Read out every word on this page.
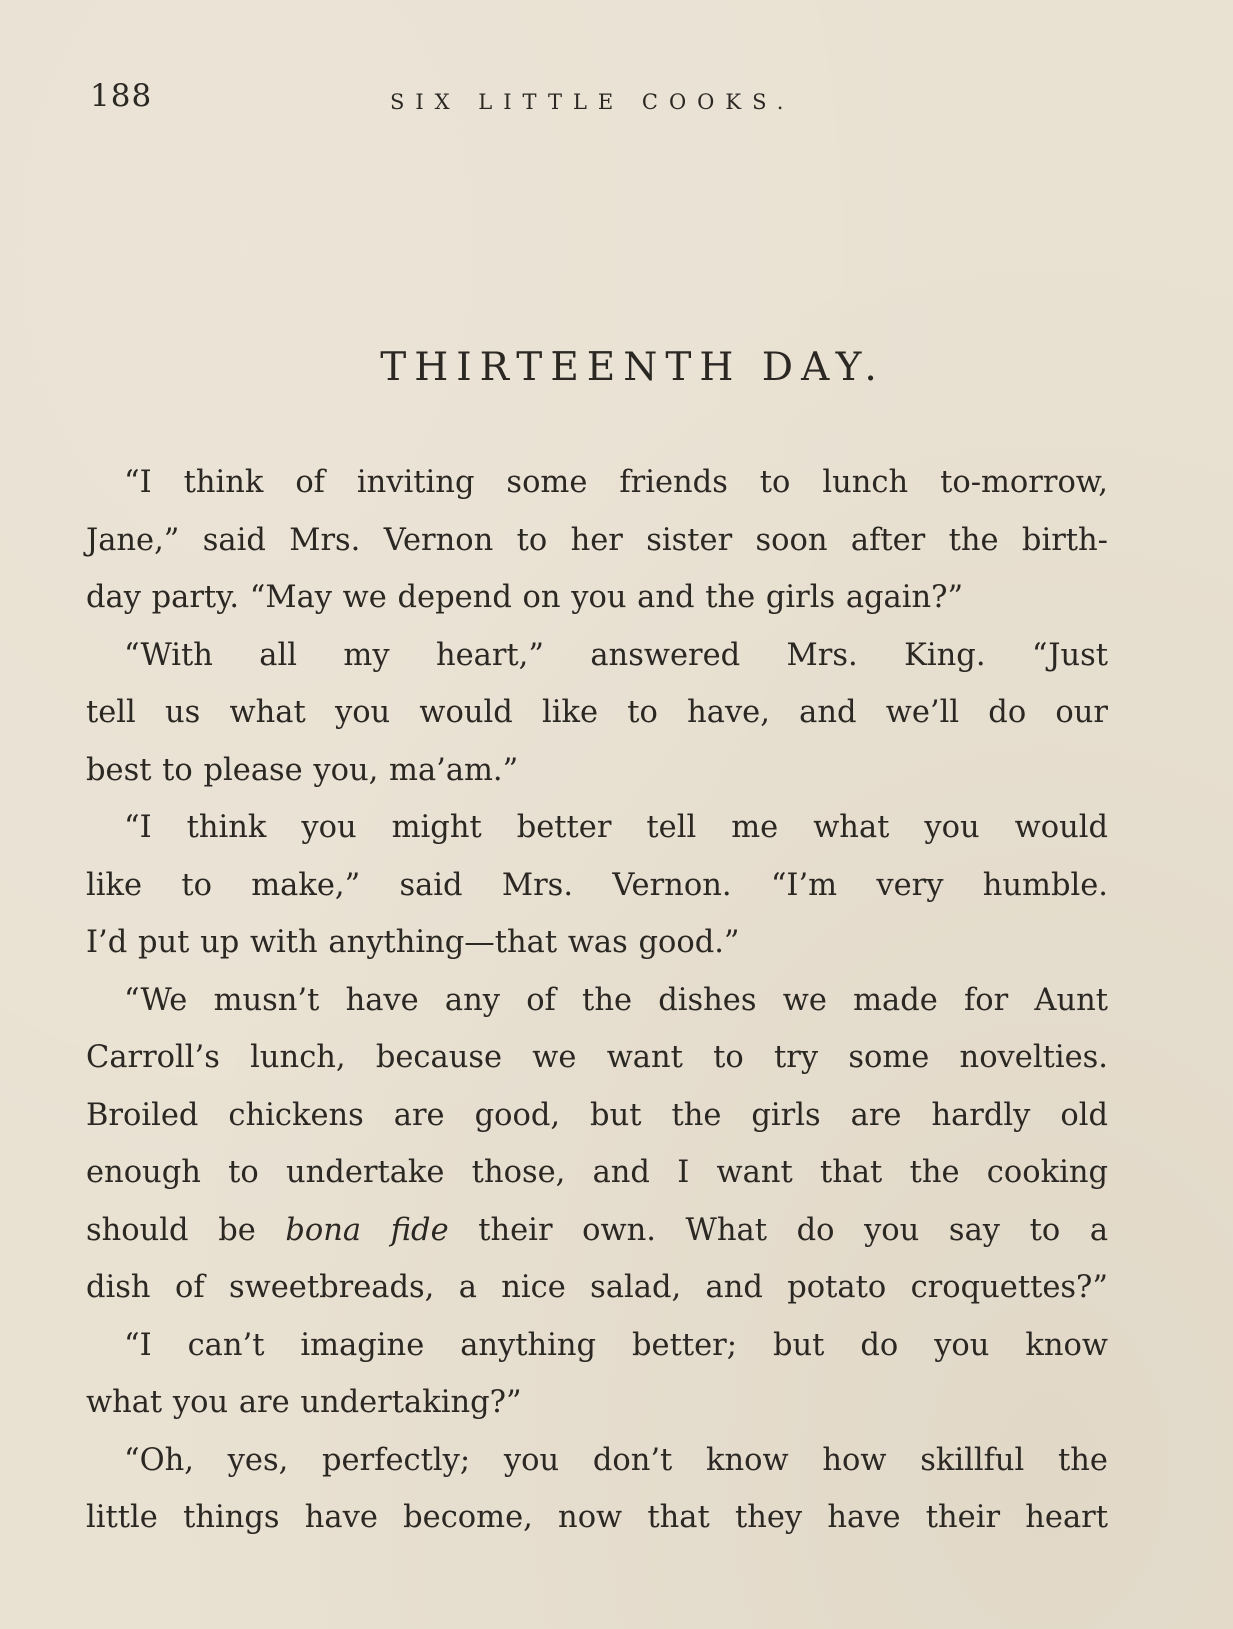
188	SIX LITTLE COOKS.
THIRTEENTH DAY.
“I think of inviting some friends to lunch to-morrow,
Jane,” said Mrs. Vernon to her sister soon after the birth-
day party. “May we depend on you and the girls again?”
“With all my heart,” answered Mrs. King. “Just
tell us what you would like to have, and we’ll do our
best to please you, ma’am.”
“I think you might better tell me what you would
like to make,” said Mrs. Vernon. “I’m very humble.
I’d put up with anything—that was good.”
“We musn’t have any of the dishes we made for Aunt
Carroll’s lunch, because we want to try some novelties.
Broiled chickens are good, but the girls are hardly old
enough to undertake those, and I want that the cooking
should be bona fide their own. What do you say to a
dish of sweetbreads, a nice salad, and potato croquettes?”
“I can’t imagine anything better; but do you know
what you are undertaking?”
“Oh, yes, perfectly; you don’t know how skillful the
little things have become, now that they have their heart
